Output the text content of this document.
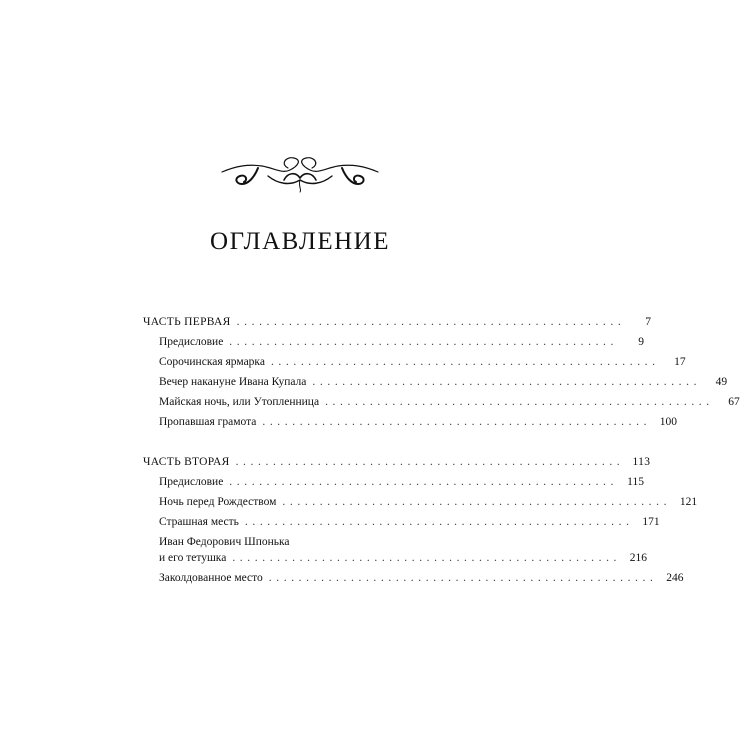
ОГЛАВЛЕНИЕ
ЧАСТЬ ПЕРВАЯ ....................................................	7
Предисловие ....................................................	9
Сорочинская ярмарка ....................................................	17
Вечер накануне Ивана Купала ....................................................	49
Майская ночь, или Утопленница ....................................................	67
Пропавшая грамота .................................................... 100
ЧАСТЬ ВТОРАЯ .................................................... 113
Предисловие .................................................... 115
Ночь перед Рождеством .................................................... 121
Страшная месть .................................................... 171
Иван Федорович Шпонька
и его тетушка .................................................... 216
Заколдованное место .................................................... 246
